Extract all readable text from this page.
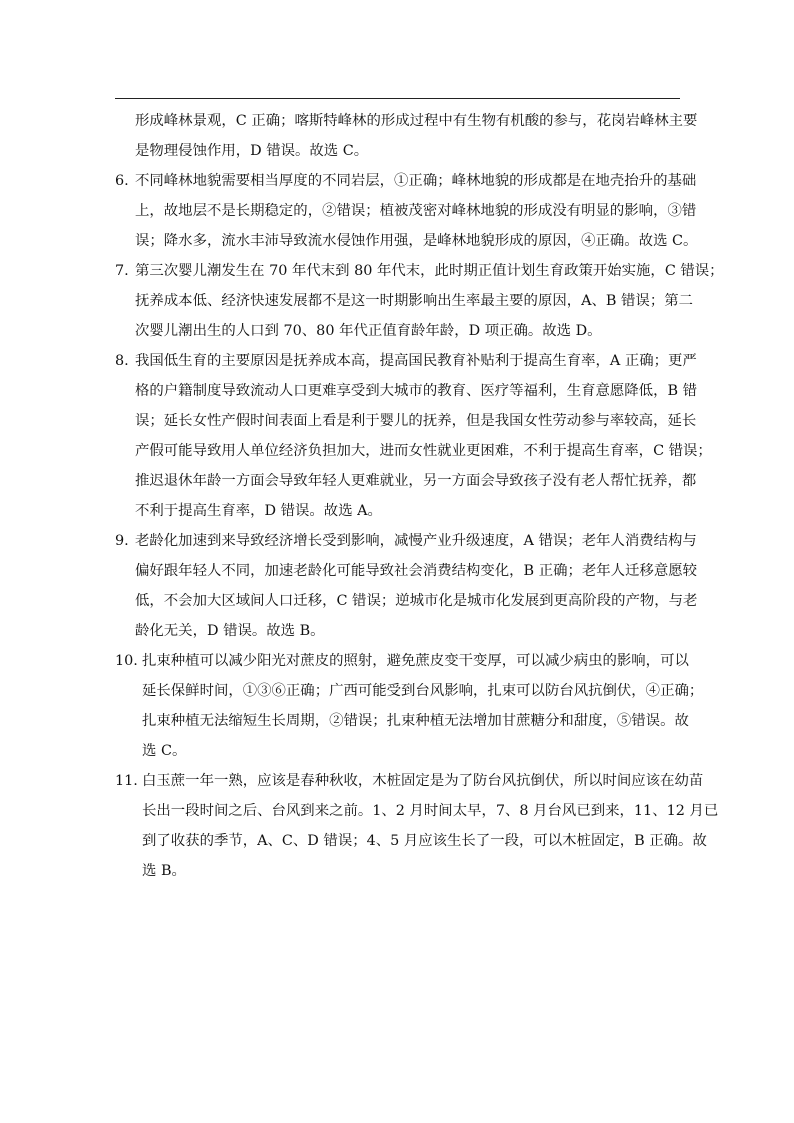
形成峰林景观，C 正确；喀斯特峰林的形成过程中有生物有机酸的参与，花岗岩峰林主要
是物理侵蚀作用，D 错误。故选 C。
6. 不同峰林地貌需要相当厚度的不同岩层，①正确；峰林地貌的形成都是在地壳抬升的基础
上，故地层不是长期稳定的，②错误；植被茂密对峰林地貌的形成没有明显的影响，③错
误；降水多，流水丰沛导致流水侵蚀作用强，是峰林地貌形成的原因，④正确。故选 C。
7. 第三次婴儿潮发生在 70 年代末到 80 年代末，此时期正值计划生育政策开始实施，C 错误；
抚养成本低、经济快速发展都不是这一时期影响出生率最主要的原因，A、B 错误；第二
次婴儿潮出生的人口到 70、80 年代正值育龄年龄，D 项正确。故选 D。
8. 我国低生育的主要原因是抚养成本高，提高国民教育补贴利于提高生育率，A 正确；更严
格的户籍制度导致流动人口更难享受到大城市的教育、医疗等福利，生育意愿降低，B 错
误；延长女性产假时间表面上看是利于婴儿的抚养，但是我国女性劳动参与率较高，延长
产假可能导致用人单位经济负担加大，进而女性就业更困难，不利于提高生育率，C 错误；
推迟退休年龄一方面会导致年轻人更难就业，另一方面会导致孩子没有老人帮忙抚养，都
不利于提高生育率，D 错误。故选 A。
9. 老龄化加速到来导致经济增长受到影响，减慢产业升级速度，A 错误；老年人消费结构与
偏好跟年轻人不同，加速老龄化可能导致社会消费结构变化，B 正确；老年人迁移意愿较
低，不会加大区域间人口迁移，C 错误；逆城市化是城市化发展到更高阶段的产物，与老
龄化无关，D 错误。故选 B。
10. 扎束种植可以减少阳光对蔗皮的照射，避免蔗皮变干变厚，可以减少病虫的影响，可以
延长保鲜时间，①③⑥正确；广西可能受到台风影响，扎束可以防台风抗倒伏，④正确；
扎束种植无法缩短生长周期，②错误；扎束种植无法增加甘蔗糖分和甜度，⑤错误。故
选 C。
11. 白玉蔗一年一熟，应该是春种秋收，木桩固定是为了防台风抗倒伏，所以时间应该在幼苗
长出一段时间之后、台风到来之前。1、2 月时间太早，7、8 月台风已到来，11、12 月已
到了收获的季节，A、C、D 错误；4、5 月应该生长了一段，可以木桩固定，B 正确。故
选 B。
